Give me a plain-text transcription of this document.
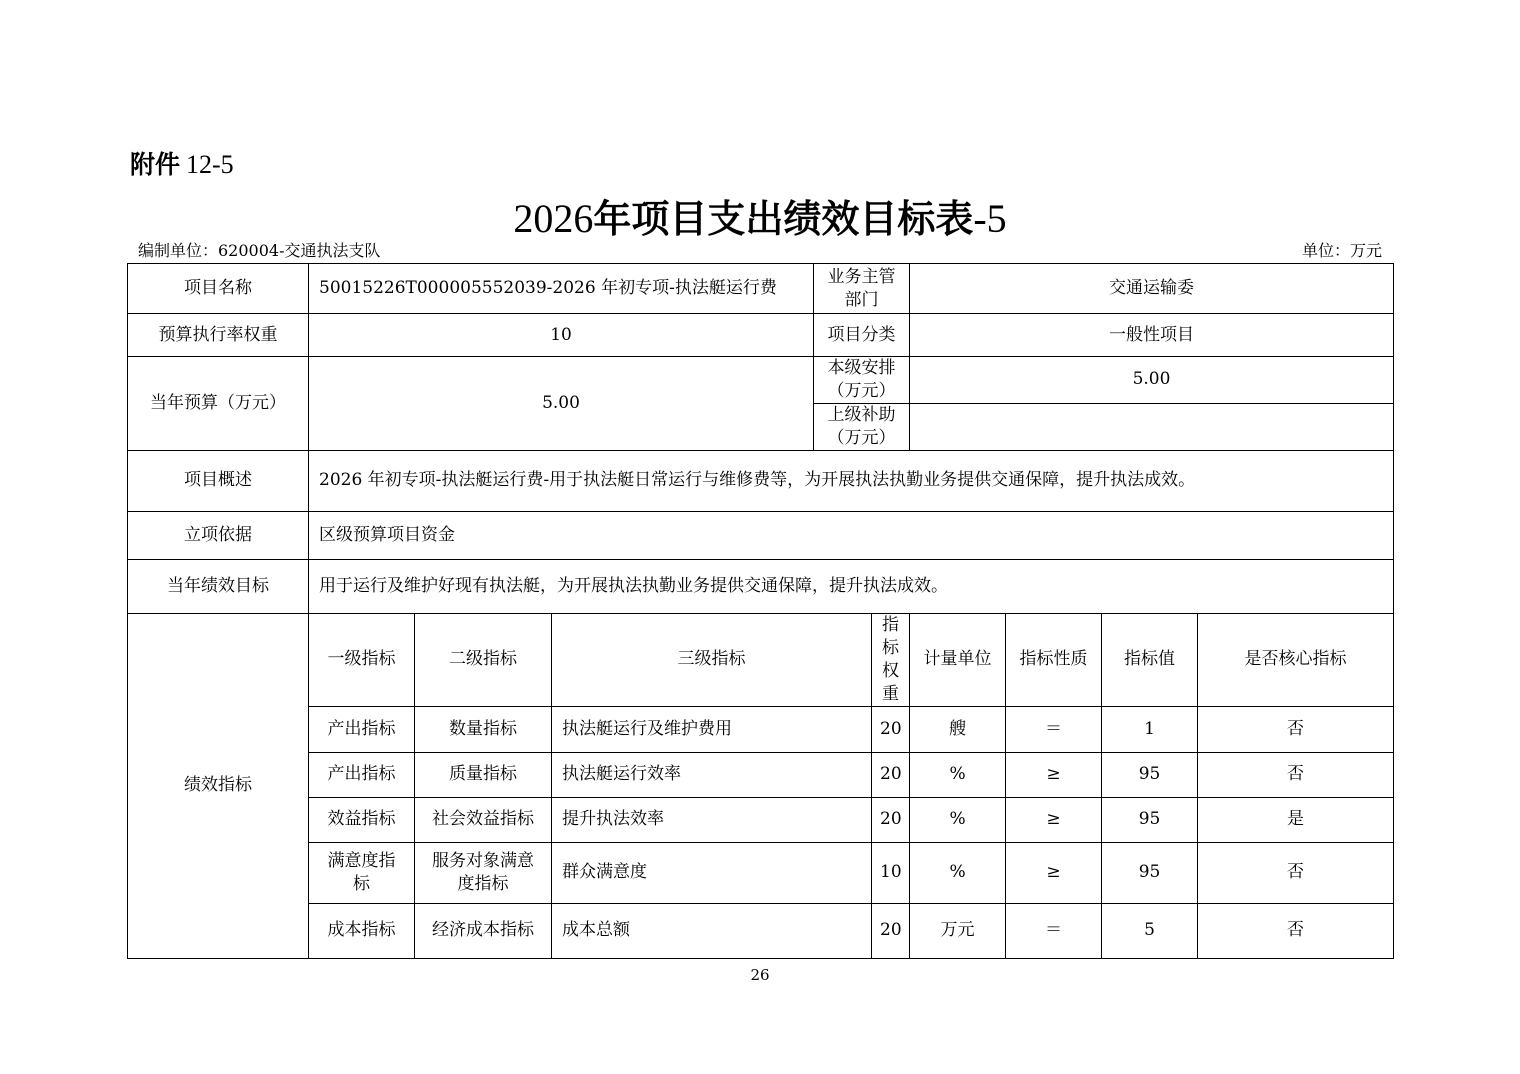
附件 12-5
2026年项目支出绩效目标表-5
编制单位：620004-交通执法支队	单位：万元
项目名称	50015226T000005552039-2026 年初专项-执法艇运行费			业务主管部门		交通运输委			
预算执行率权重	10			项目分类		一般性项目			
当年预算（万元）	5.00			本级安排（万元）		5.00			
				上级补助（万元）					
项目概述	2026 年初专项-执法艇运行费-用于执法艇日常运行与维修费等，为开展执法执勤业务提供交通保障，提升执法成效。								
立项依据	区级预算项目资金								
当年绩效目标	用于运行及维护好现有执法艇，为开展执法执勤业务提供交通保障，提升执法成效。								
绩效指标	一级指标	二级指标	三级指标		指标权重	计量单位	指标性质	指标值	是否核心指标
	产出指标	数量指标	执法艇运行及维护费用		20	艘	＝	1	否
	产出指标	质量指标	执法艇运行效率		20	%	≥	95	否
	效益指标	社会效益指标	提升执法效率		20	%	≥	95	是
	满意度指标	服务对象满意度指标	群众满意度		10	%	≥	95	否
	成本指标	经济成本指标	成本总额		20	万元	＝	5	否
26
